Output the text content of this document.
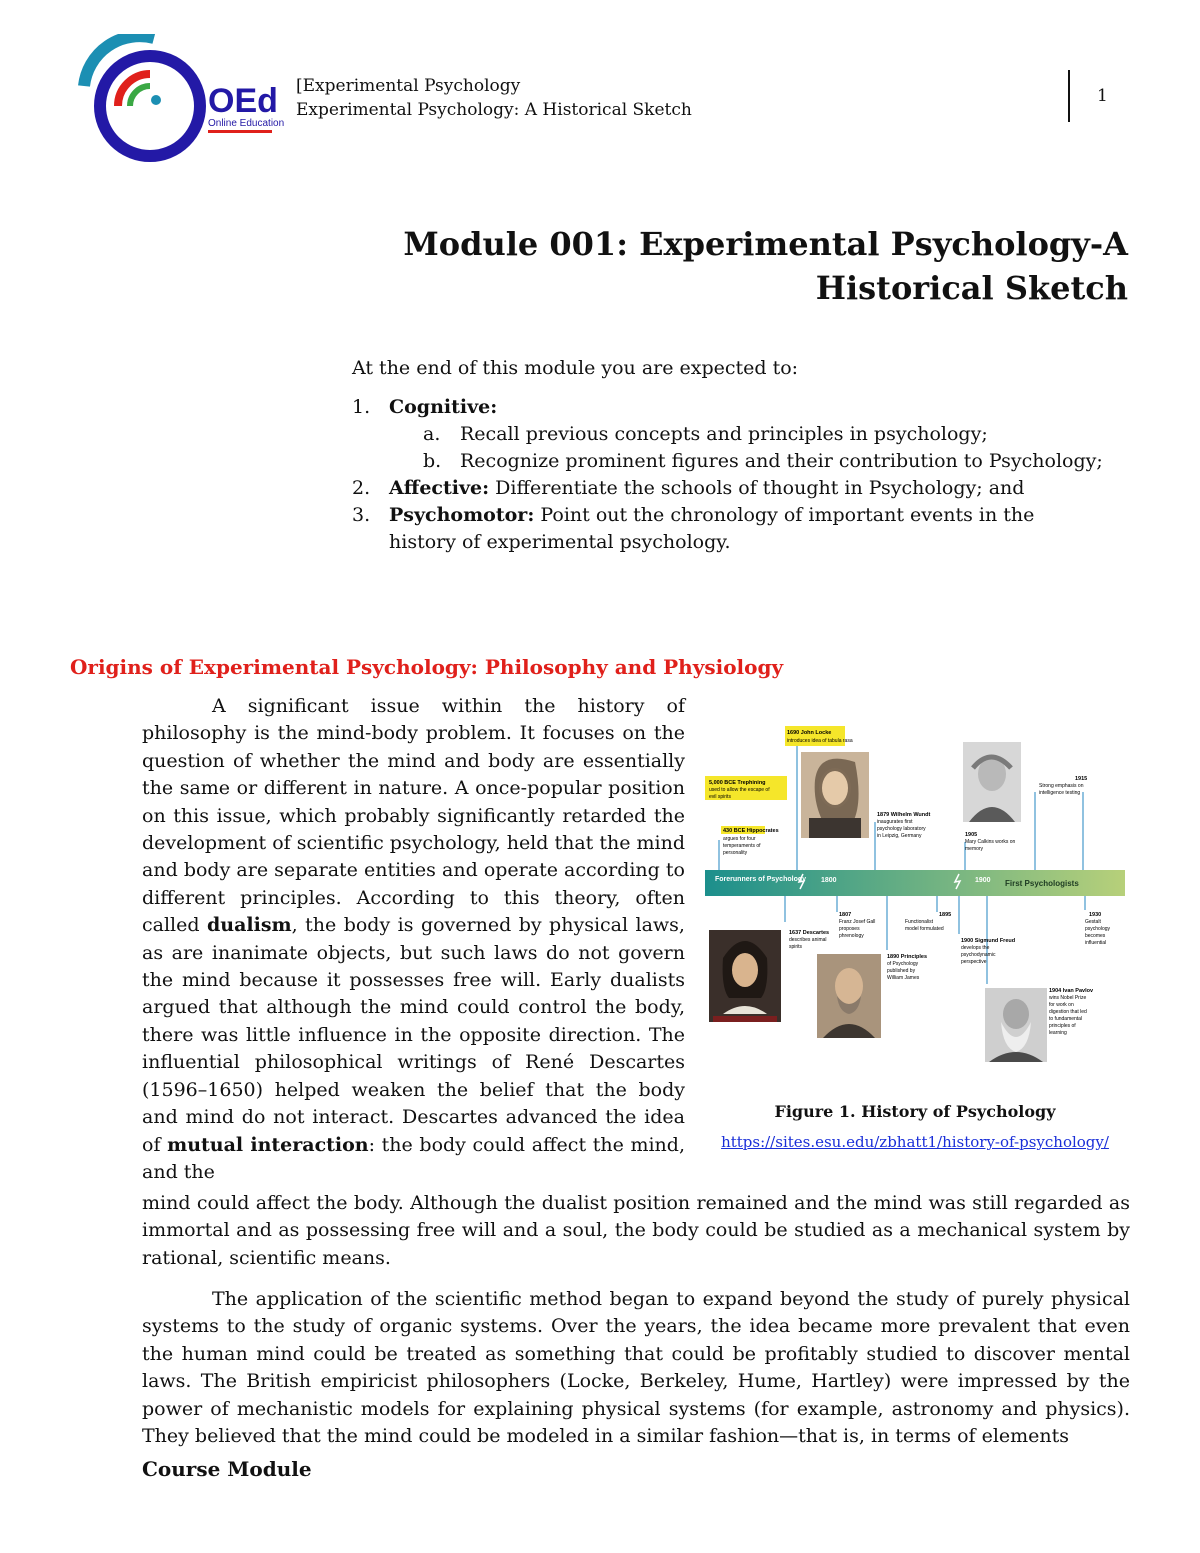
OEd
Online Education
[Experimental Psychology
Experimental Psychology: A Historical Sketch
1
Module 001: Experimental Psychology-A
Historical Sketch
At the end of this module you are expected to:
1. Cognitive:
a.	Recall previous concepts and principles in psychology;
b. Recognize prominent figures and their contribution to Psychology;
2. Affective: Differentiate the schools of thought in Psychology; and
3. Psychomotor: Point out the chronology of important events in the
history of experimental psychology.
Origins of Experimental Psychology: Philosophy and Physiology
A significant issue within the history of philosophy is the mind-body problem. It focuses on the question of whether the mind and body are essentially the same or different in nature. A once-popular position on this issue, which probably significantly retarded the development of scientific psychology, held that the mind and body are separate entities and operate according to different principles. According to this theory, often called dualism, the body is governed by physical laws, as are inanimate objects, but such laws do not govern the mind because it possesses free will. Early dualists argued that although the mind could control the body, there was little influence in the opposite direction. The influential philosophical writings of René Descartes (1596–1650) helped weaken the belief that the body and mind do not interact. Descartes advanced the idea of mutual interaction: the body could affect the mind, and the
Forerunners of Psychology 1800	1900 First Psychologists
1690 John Locke
introduces idea of tabula rasa
5,000 BCE Trephining
used to allow the escape of
evil spirits
430 BCE Hippocrates
argues for four
temperaments of
personality
1879 Wilhelm Wundt
inaugurates first
psychology laboratory
in Leipzig, Germany	1905
Mary Calkins works on
memory
1915
Strong emphasis on
intelligence testing
1637 Descartes
describes animal
spirits
1807
Franz Josef Gall
proposes
phrenology
1895
Functionalist
model formulated
1890 Principles
of Psychology
published by
William James
1900 Sigmund Freud
develops the
psychodynamic
perspective
1930
Gestalt
psychology
becomes
influential
1904 Ivan Pavlov
wins Nobel Prize
for work on
digestion that led
to fundamental
principles of
learning
Figure 1. History of Psychology
https://sites.esu.edu/zbhatt1/history-of-psychology/
mind could affect the body. Although the dualist position remained and the mind was still regarded as immortal and as possessing free will and a soul, the body could be studied as a mechanical system by rational, scientific means.
The application of the scientific method began to expand beyond the study of purely physical systems to the study of organic systems. Over the years, the idea became more prevalent that even the human mind could be treated as something that could be profitably studied to discover mental laws. The British empiricist philosophers (Locke, Berkeley, Hume, Hartley) were impressed by the power of mechanistic models for explaining physical systems (for example, astronomy and physics). They believed that the mind could be modeled in a similar fashion—that is, in terms of elements
Course Module
